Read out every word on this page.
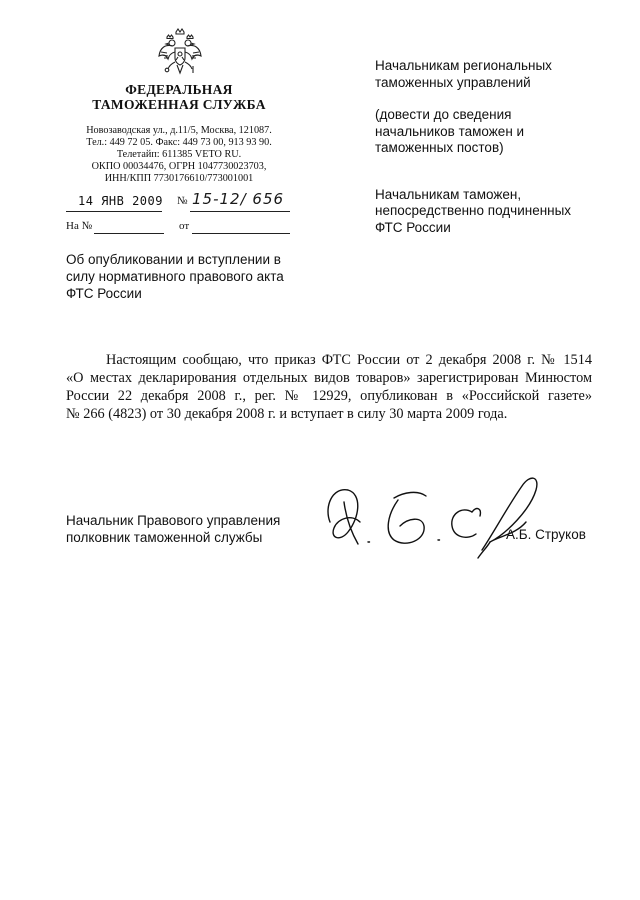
ФЕДЕРАЛЬНАЯ
ТАМОЖЕННАЯ СЛУЖБА
Новозаводская ул., д.11/5, Москва, 121087.
Тел.: 449 72 05. Факс: 449 73 00, 913 93 90.
Телетайп: 611385 VETO RU.
ОКПО 00034476, ОГРН 1047730023703,
ИНН/КПП 7730176610/773001001
14 ЯНВ 2009 № 15-12/ 656
На №	от
Об опубликовании и вступлении в
силу нормативного правового акта
ФТС России
Начальникам региональных
таможенных управлений
(довести до сведения
начальников таможен и
таможенных постов)
Начальникам таможен,
непосредственно подчиненных
ФТС России
Настоящим сообщаю, что приказ ФТС России от 2 декабря 2008 г. № 1514
«О местах декларирования отдельных видов товаров» зарегистрирован Минюстом
России 22 декабря 2008 г., рег. № 12929, опубликован в «Российской газете»
№ 266 (4823) от 30 декабря 2008 г. и вступает в силу 30 марта 2009 года.
Начальник Правового управления
полковник таможенной службы	А.Б. Струков
